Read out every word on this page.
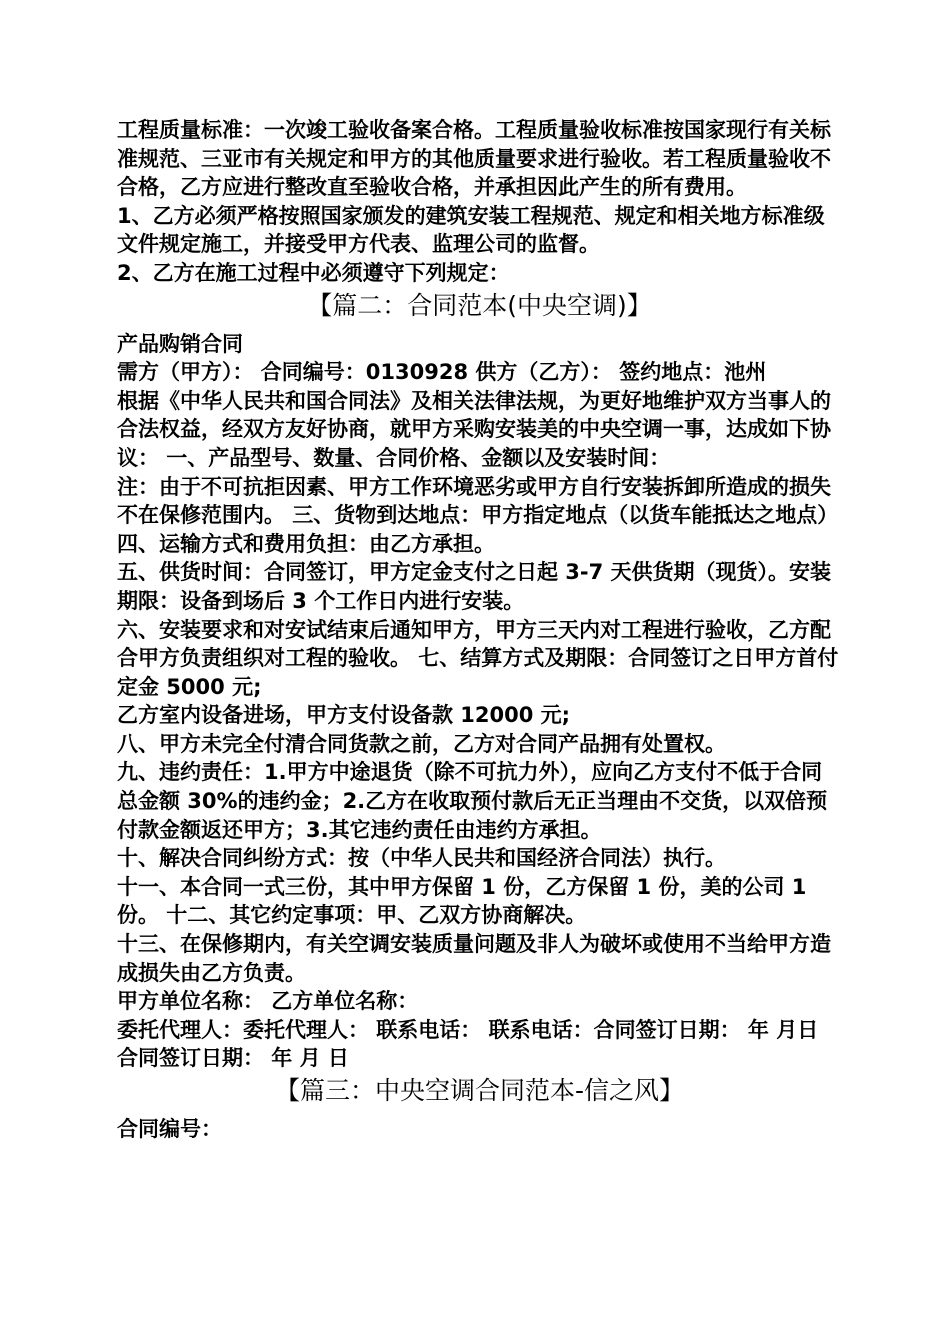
工程质量标准：一次竣工验收备案合格。工程质量验收标准按国家现行有关标准规范、三亚市有关规定和甲方的其他质量要求进行验收。若工程质量验收不合格，乙方应进行整改直至验收合格，并承担因此产生的所有费用。

1、乙方必须严格按照国家颁发的建筑安装工程规范、规定和相关地方标准级文件规定施工，并接受甲方代表、监理公司的监督。

2、乙方在施工过程中必须遵守下列规定：

【篇二：合同范本(中央空调)】

产品购销合同

需方（甲方）： 合同编号：0130928 供方（乙方）： 签约地点：池州

根据《中华人民共和国合同法》及相关法律法规，为更好地维护双方当事人的合法权益，经双方友好协商，就甲方采购安装美的中央空调一事，达成如下协议： 一、产品型号、数量、合同价格、金额以及安装时间：

注：由于不可抗拒因素、甲方工作环境恶劣或甲方自行安装拆卸所造成的损失不在保修范围内。 三、货物到达地点：甲方指定地点（以货车能抵达之地点） 四、运输方式和费用负担：由乙方承担。

五、供货时间：合同签订，甲方定金支付之日起 3-7 天供货期（现货）。安装期限：设备到场后 3 个工作日内进行安装。

六、安装要求和对安试结束后通知甲方，甲方三天内对工程进行验收，乙方配合甲方负责组织对工程的验收。 七、结算方式及期限：合同签订之日甲方首付定金 5000 元;

乙方室内设备进场，甲方支付设备款 12000 元;

八、甲方未完全付清合同货款之前，乙方对合同产品拥有处置权。

九、违约责任：1.甲方中途退货（除不可抗力外），应向乙方支付不低于合同总金额 30%的违约金；2.乙方在收取预付款后无正当理由不交货，以双倍预付款金额返还甲方；3.其它违约责任由违约方承担。

十、解决合同纠纷方式：按（中华人民共和国经济合同法）执行。

十一、本合同一式三份，其中甲方保留 1 份，乙方保留 1 份，美的公司 1 份。 十二、其它约定事项：甲、乙双方协商解决。

十三、在保修期内，有关空调安装质量问题及非人为破坏或使用不当给甲方造成损失由乙方负责。

甲方单位名称： 乙方单位名称：

委托代理人：委托代理人： 联系电话： 联系电话：合同签订日期： 年 月日 合同签订日期： 年 月 日

【篇三：中央空调合同范本-信之风】

合同编号：
